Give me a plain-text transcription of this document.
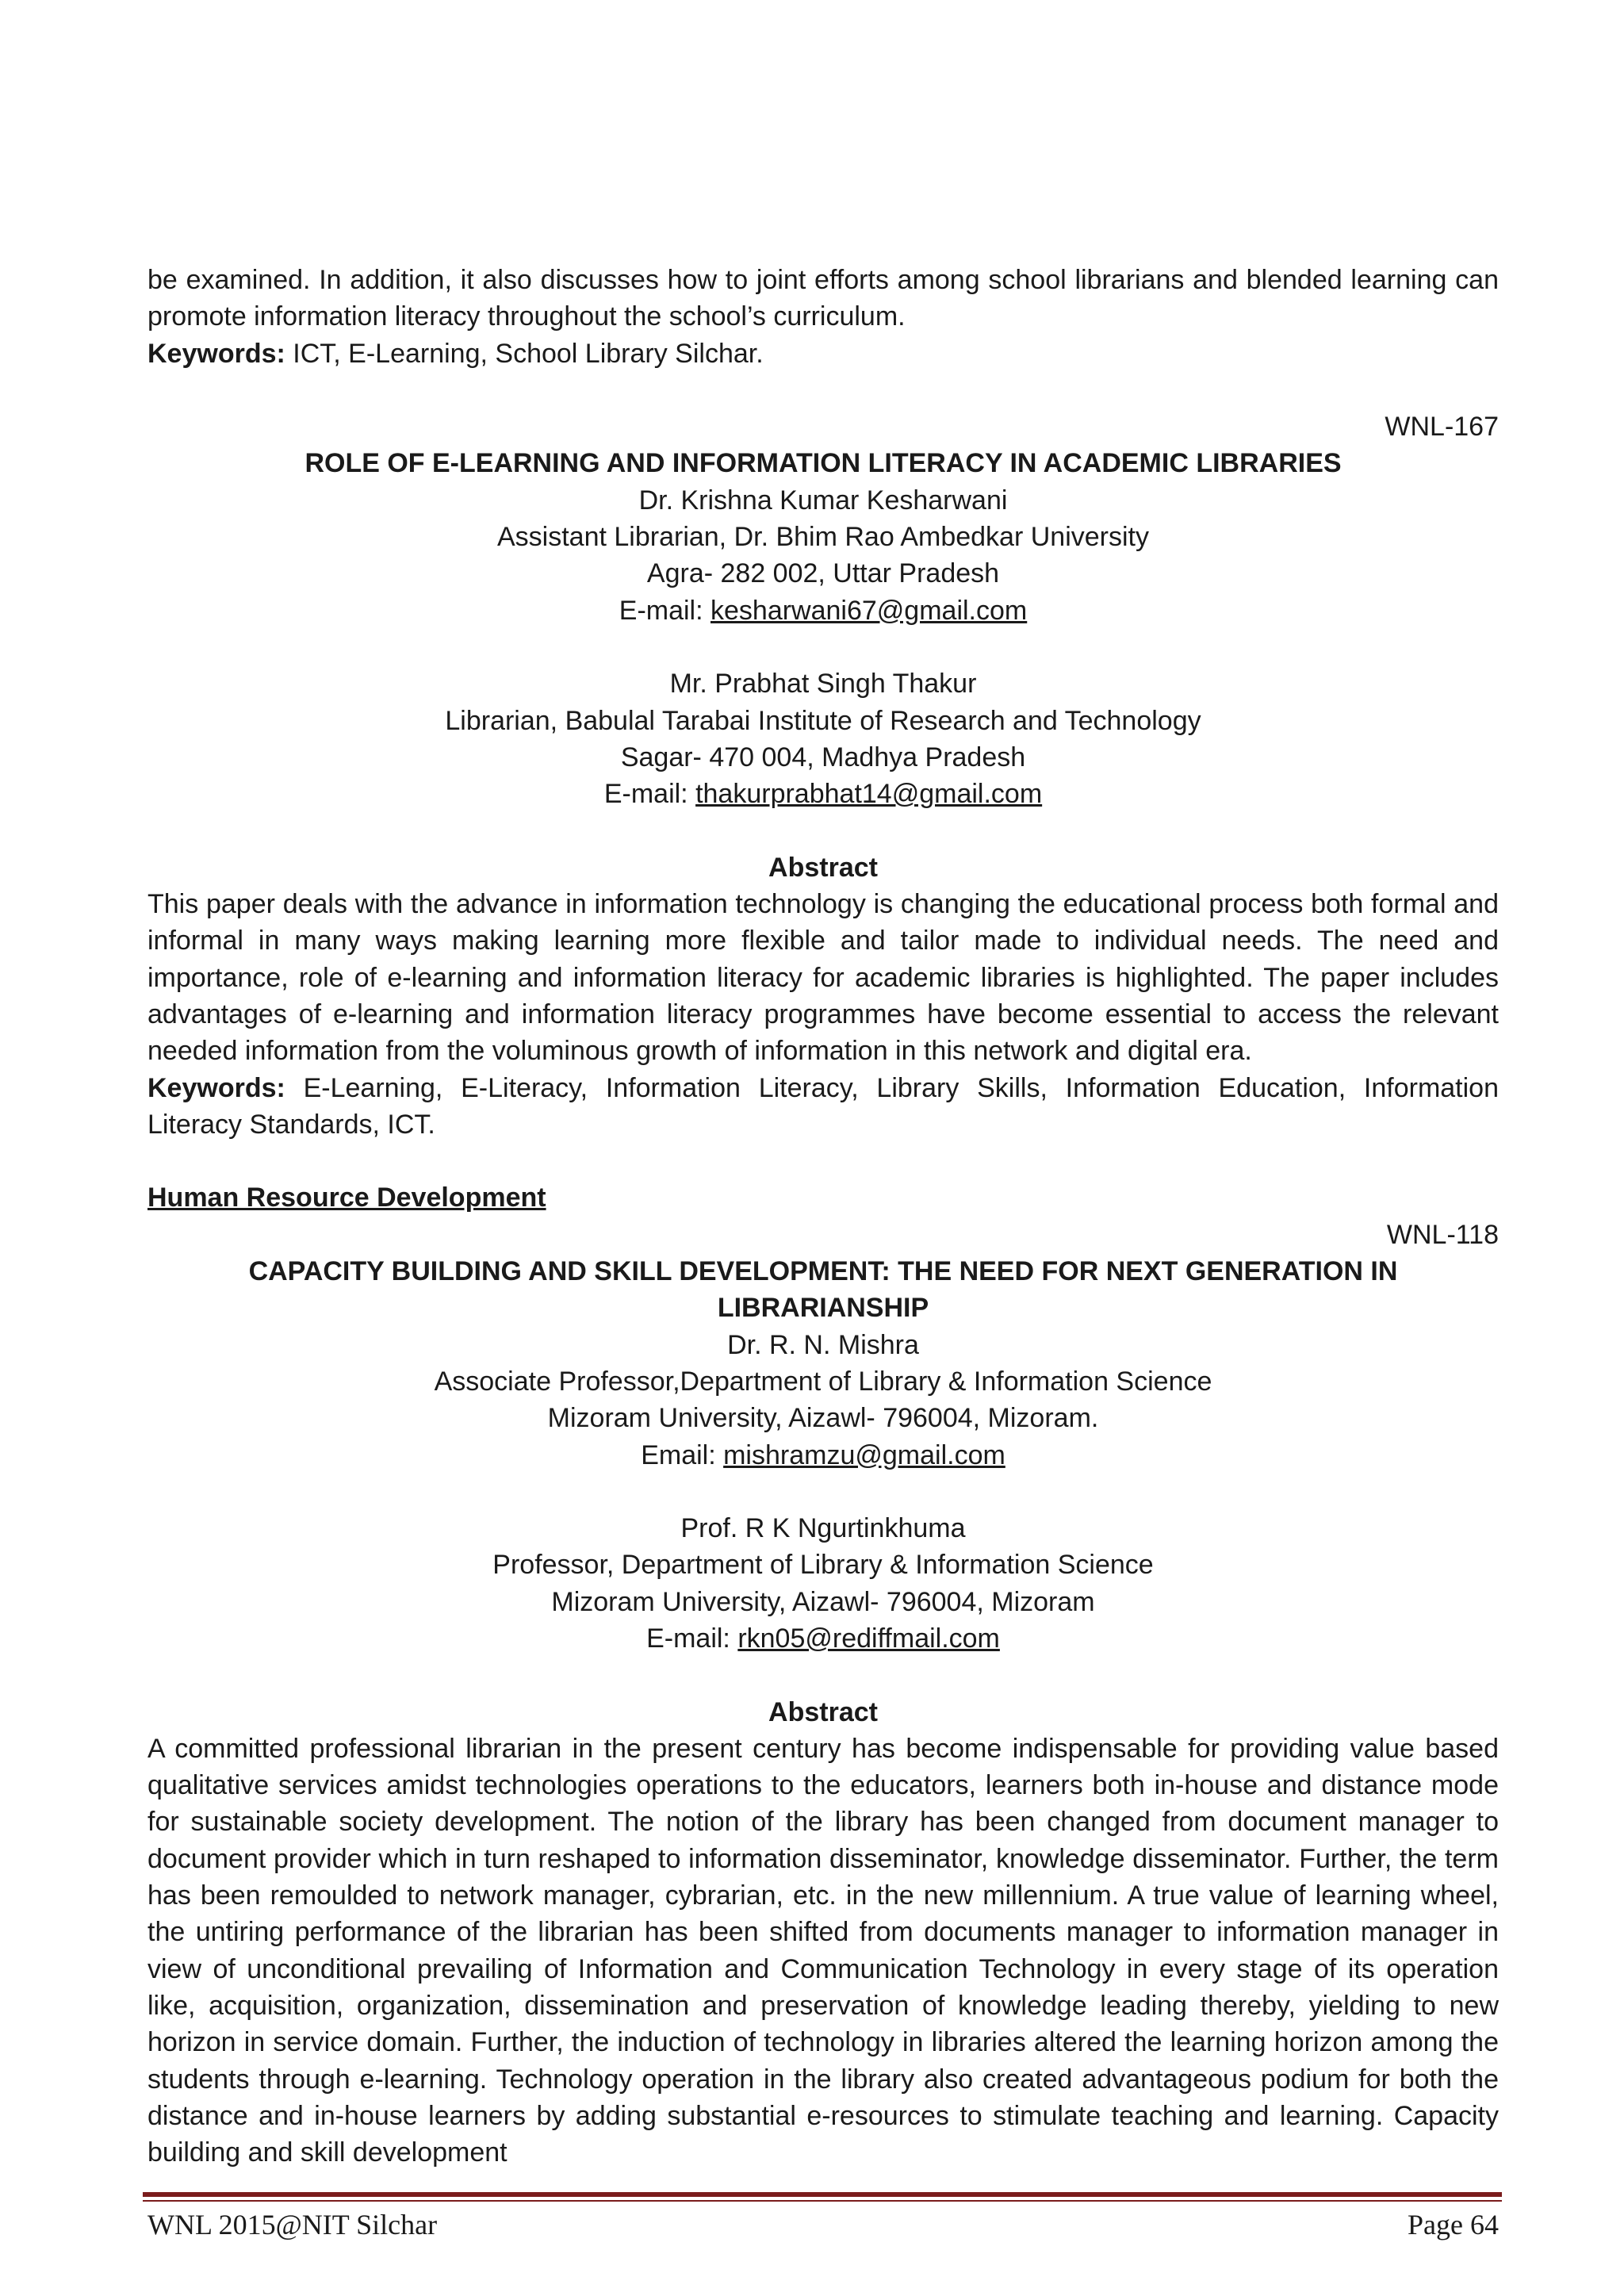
be examined. In addition, it also discusses how to joint efforts among school librarians and blended learning can promote information literacy throughout the school’s curriculum.

Keywords: ICT, E-Learning, School Library Silchar.

WNL-167

ROLE OF E-LEARNING AND INFORMATION LITERACY IN ACADEMIC LIBRARIES

Dr. Krishna Kumar Kesharwani

Assistant Librarian, Dr. Bhim Rao Ambedkar University

Agra- 282 002, Uttar Pradesh

E-mail: kesharwani67@gmail.com

Mr. Prabhat Singh Thakur

Librarian, Babulal Tarabai Institute of Research and Technology

Sagar- 470 004, Madhya Pradesh

E-mail: thakurprabhat14@gmail.com

Abstract

This paper deals with the advance in information technology is changing the educational process both formal and informal in many ways making learning more flexible and tailor made to individual needs. The need and importance, role of e-learning and information literacy for academic libraries is highlighted. The paper includes advantages of e-learning and information literacy programmes have become essential to access the relevant needed information from the voluminous growth of information in this network and digital era.

Keywords: E-Learning, E-Literacy, Information Literacy, Library Skills, Information Education, Information Literacy Standards, ICT.

Human Resource Development

WNL-118

CAPACITY BUILDING AND SKILL DEVELOPMENT: THE NEED FOR NEXT GENERATION IN LIBRARIANSHIP

Dr. R. N. Mishra

Associate Professor,Department of Library & Information Science

Mizoram University, Aizawl- 796004, Mizoram.

Email: mishramzu@gmail.com

Prof. R K Ngurtinkhuma

Professor, Department of Library & Information Science

Mizoram University, Aizawl- 796004, Mizoram

E-mail: rkn05@rediffmail.com

Abstract

A committed professional librarian in the present century has become indispensable for providing value based qualitative services amidst technologies operations to the educators, learners both in-house and distance mode for sustainable society development. The notion of the library has been changed from document manager to document provider which in turn reshaped to information disseminator, knowledge disseminator. Further, the term has been remoulded to network manager, cybrarian, etc. in the new millennium. A true value of learning wheel, the untiring performance of the librarian has been shifted from documents manager to information manager in view of unconditional prevailing of Information and Communication Technology in every stage of its operation like, acquisition, organization, dissemination and preservation of knowledge leading thereby, yielding to new horizon in service domain. Further, the induction of technology in libraries altered the learning horizon among the students through e-learning. Technology operation in the library also created advantageous podium for both the distance and in-house learners by adding substantial e-resources to stimulate teaching and learning. Capacity building and skill development

WNL 2015@NIT Silchar	Page 64
